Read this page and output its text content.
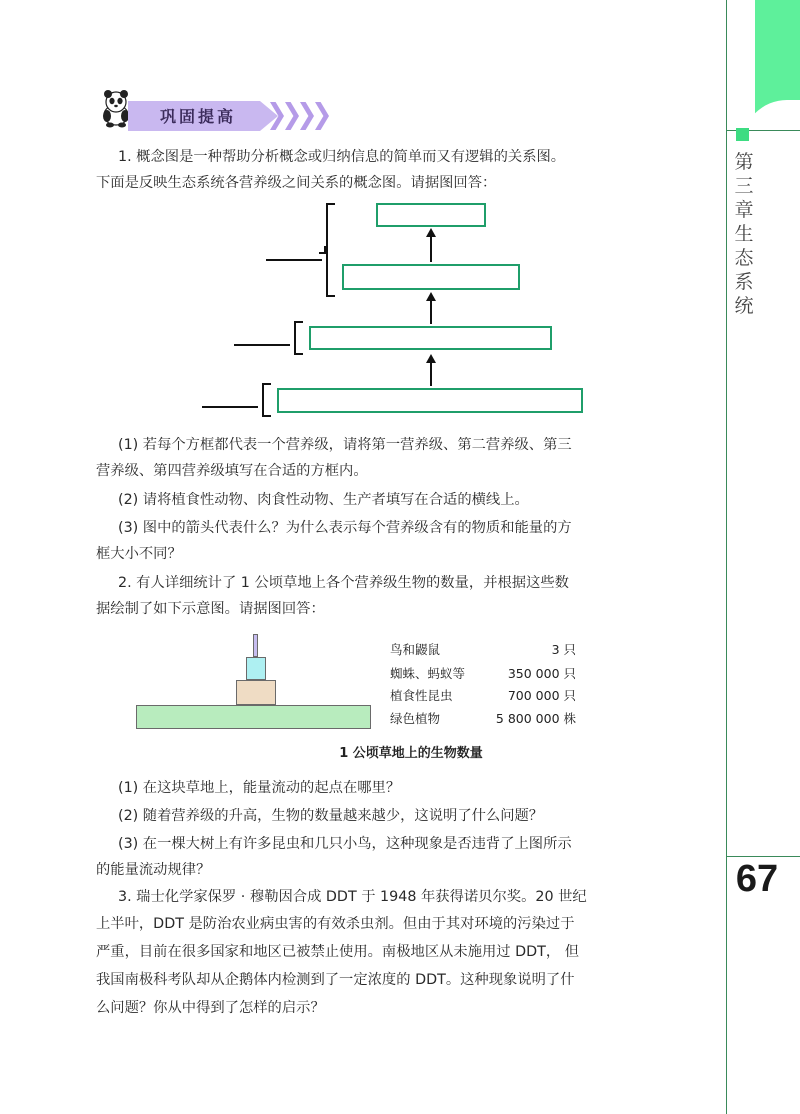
第
三
章
生
态
系
统
67
巩固提高
1. 概念图是一种帮助分析概念或归纳信息的简单而又有逻辑的关系图。
下面是反映生态系统各营养级之间关系的概念图。请据图回答：
(1) 若每个方框都代表一个营养级，请将第一营养级、第二营养级、第三
营养级、第四营养级填写在合适的方框内。
(2) 请将植食性动物、肉食性动物、生产者填写在合适的横线上。
(3) 图中的箭头代表什么？为什么表示每个营养级含有的物质和能量的方
框大小不同？
2. 有人详细统计了 1 公顷草地上各个营养级生物的数量，并根据这些数
据绘制了如下示意图。请据图回答：
鸟和鼹鼠	3 只
蜘蛛、蚂蚁等	350 000 只
植食性昆虫	700 000 只
绿色植物	5 800 000 株
1 公顷草地上的生物数量
(1) 在这块草地上，能量流动的起点在哪里？
(2) 随着营养级的升高，生物的数量越来越少，这说明了什么问题？
(3) 在一棵大树上有许多昆虫和几只小鸟，这种现象是否违背了上图所示
的能量流动规律？
3. 瑞士化学家保罗 · 穆勒因合成 DDT 于 1948 年获得诺贝尔奖。20 世纪
上半叶，DDT 是防治农业病虫害的有效杀虫剂。但由于其对环境的污染过于
严重，目前在很多国家和地区已被禁止使用。南极地区从未施用过 DDT， 但
我国南极科考队却从企鹅体内检测到了一定浓度的 DDT。这种现象说明了什
么问题？你从中得到了怎样的启示？
